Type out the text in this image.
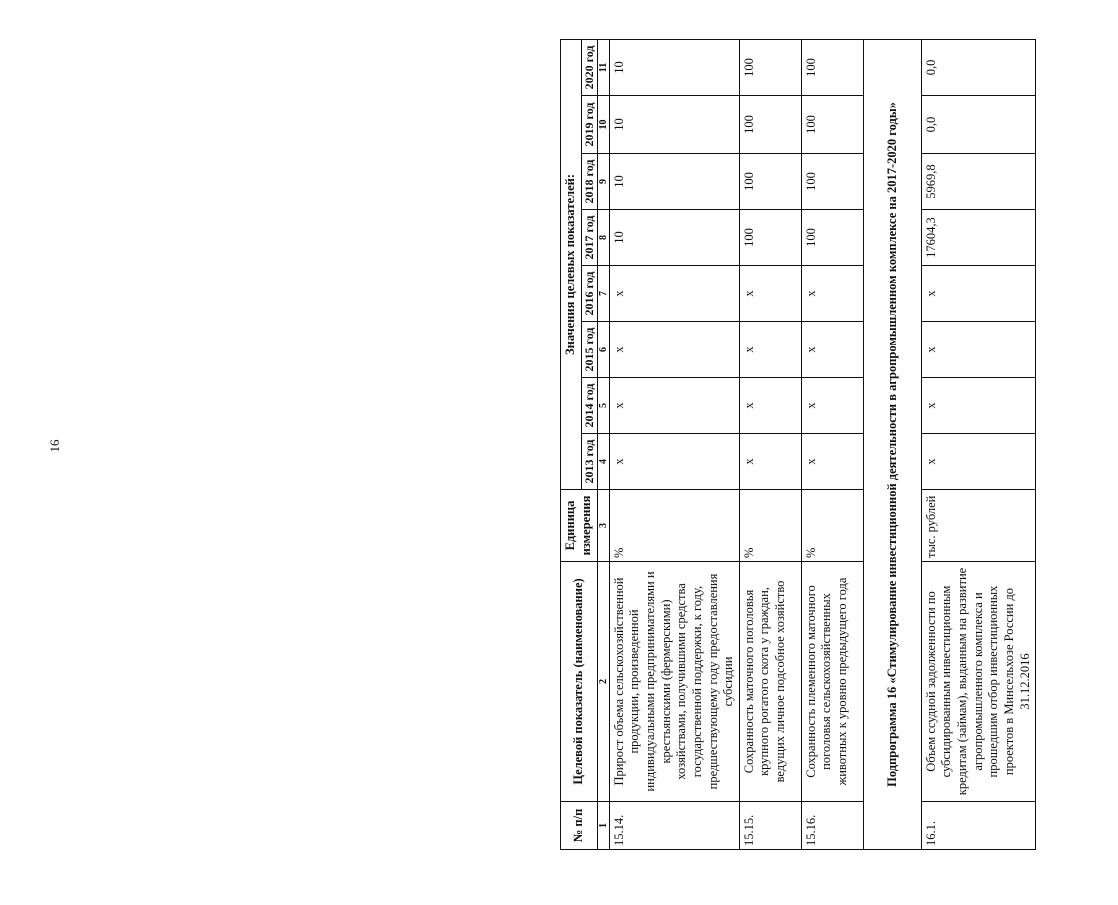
16
№ п/п	Целевой показатель (наименование)	Единица измерения	Значения целевых показателей:							
			2013 год	2014 год	2015 год	2016 год	2017 год	2018 год	2019 год	2020 год
1	2	3	4	5	6	7	8	9	10	11
15.14.	Прирост объема сельскохозяйственной продукции, произведенной индивидуальными предпринимателями и крестьянскими (фермерскими) хозяйствами, получившими средства государственной поддержки, к году, предшествующему году предоставления субсидии	%	x	x	x	x	10	10	10	10
15.15.	Сохранность маточного поголовья крупного рогатого скота у граждан, ведущих личное подсобное хозяйство	%	x	x	x	x	100	100	100	100
15.16.	Сохранность племенного маточного поголовья сельскохозяйственных животных к уровню предыдущего года	%	x	x	x	x	100	100	100	100
Подпрограмма 16 «Стимулирование инвестиционной деятельности в агропромышленном комплексе на 2017-2020 годы»										
16.1.	Объем ссудной задолженности по субсидированным инвестиционным кредитам (займам), выданным на развитие агропромышленного комплекса и прошедшим отбор инвестиционных проектов в Минсельхозе России до 31.12.2016	тыс. рублей	x	x	x	x	17604,3	5969,8	0,0	0,0
